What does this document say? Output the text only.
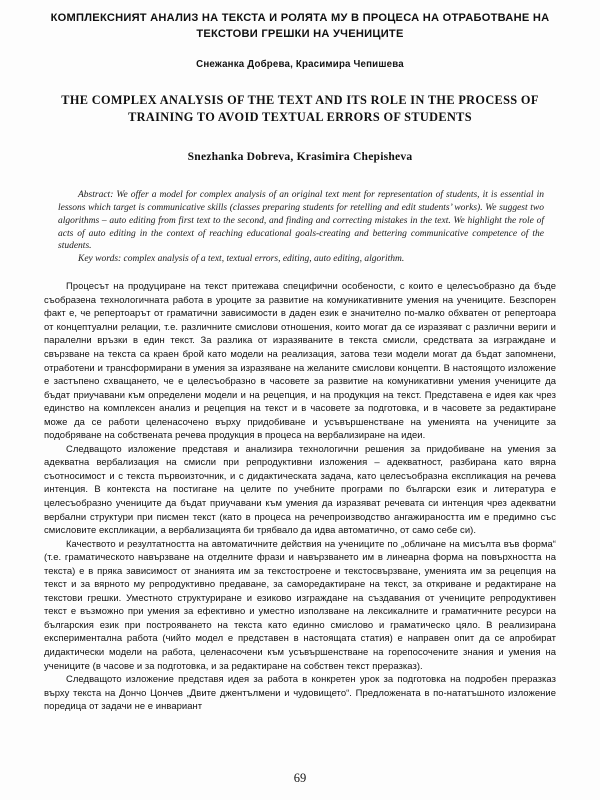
КОМПЛЕКСНИЯТ АНАЛИЗ НА ТЕКСТА И РОЛЯТА МУ В ПРОЦЕСА НА ОТРАБОТВАНЕ НА ТЕКСТОВИ ГРЕШКИ НА УЧЕНИЦИТЕ
Снежанка Добрева, Красимира Чепишева
THE COMPLEX ANALYSIS OF THE TEXT AND ITS ROLE IN THE PROCESS OF TRAINING TO AVOID TEXTUAL ERRORS OF STUDENTS
Snezhanka Dobreva, Krasimira Chepisheva

Abstract: We offer a model for complex analysis of an original text ment for representation of students, it is essential in lessons which target is communicative skills (classes preparing students for retelling and edit students’ works). We suggest two algorithms – auto editing from first text to the second, and finding and correcting mistakes in the text. We highlight the role of acts of auto editing in the context of reaching educational goals-creating and bettering communicative competence of the students.

Key words: complex analysis of a text, textual errors, editing, auto editing, algorithm.

Процесът на продуциране на текст притежава специфични особености, с които е целесъобразно да бъде съобразена технологичната работа в уроците за развитие на комуникативните умения на учениците. Безспорен факт е, че репертоарът от граматични зависимости в даден език е значително по-малко обхватен от репертоара от концептуални релации, т.е. различните смислови отношения, които могат да се изразяват с различни вериги и паралелни връзки в един текст. За разлика от изразяваните в текста смисли, средствата за изграждане и свързване на текста са краен брой като модели на реализация, затова тези модели могат да бъдат запомнени, отработени и трансформирани в умения за изразяване на желаните смислови концепти. В настоящото изложение е застъпено схващането, че е целесъобразно в часовете за развитие на комуникативни умения учениците да бъдат приучавани към определени модели и на рецепция, и на продукция на текст. Представена е идея как чрез единство на комплексен анализ и рецепция на текст и в часовете за подготовка, и в часовете за редактиране може да се работи целенасочено върху придобиване и усъвършенстване на уменията на учениците за подобряване на собствената речева продукция в процеса на вербализиране на идеи.

Следващото изложение представя и анализира технологични решения за придобиване на умения за адекватна вербализация на смисли при репродуктивни изложения – адекватност, разбирана като вярна съотносимост и с текста първоизточник, и с дидактическата задача, като целесъобразна експликация на речева интенция. В контекста на постигане на целите по учебните програми по български език и литература е целесъобразно учениците да бъдат приучавани към умения да изразяват речевата си интенция чрез адекватни вербални структури при писмен текст (като в процеса на речепроизводство ангажираността им е предимно със смисловите експликации, а вербализацията би трябвало да идва автоматично, от само себе си).

Качеството и резултатността на автоматичните действия на учениците по „обличане на мисълта във форма“ (т.е. граматическото навързване на отделните фрази и навързването им в линеарна форма на повърхността на текста) е в пряка зависимост от знанията им за текстостроене и текстосвързване, уменията им за рецепция на текст и за вярното му репродуктивно предаване, за саморедактиране на текст, за откриване и редактиране на текстови грешки. Уместното структуриране и езиково изграждане на създавания от учениците репродуктивен текст е възможно при умения за ефективно и уместно използване на лексикалните и граматичните ресурси на българския език при построяването на текста като единно смислово и граматическо цяло. В реализирана експериментална работа (чийто модел е представен в настоящата статия) е направен опит да се апробират дидактически модели на работа, целенасочени към усъвършенстване на горепосочените знания и умения на учениците (в часове и за подготовка, и за редактиране на собствен текст преразказ).

Следващото изложение представя идея за работа в конкретен урок за подготовка на подробен преразказ върху текста на Дончо Цончев „Двите джентълмени и чудовището“. Предложената в по-нататъшното изложение поредица от задачи не е инвариант

69
